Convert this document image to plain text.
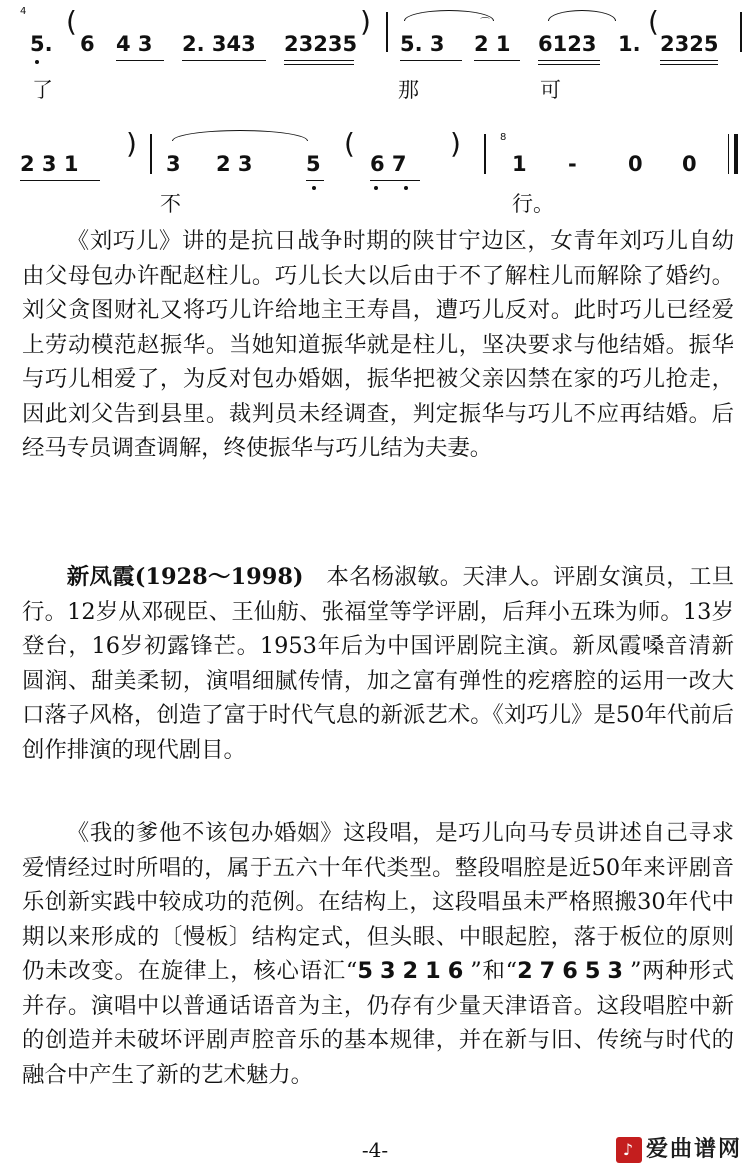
4
5.
(
6 4 3 2. 343 23235
)
5. 3
⌒
2 1 6123 1.
(
2325
了	那	可
2 3 1
)
3 2 3	5
(
6 7
)	8
1 - 0 0
不	行。

《刘巧儿》讲的是抗日战争时期的陕甘宁边区，女青年刘巧儿自幼由父母包办许配赵柱儿。巧儿长大以后由于不了解柱儿而解除了婚约。刘父贪图财礼又将巧儿许给地主王寿昌，遭巧儿反对。此时巧儿已经爱上劳动模范赵振华。当她知道振华就是柱儿，坚决要求与他结婚。振华与巧儿相爱了，为反对包办婚姻，振华把被父亲囚禁在家的巧儿抢走，因此刘父告到县里。裁判员未经调查，判定振华与巧儿不应再结婚。后经马专员调查调解，终使振华与巧儿结为夫妻。

新凤霞(1928～1998)　本名杨淑敏。天津人。评剧女演员，工旦行。12岁从邓砚臣、王仙舫、张福堂等学评剧，后拜小五珠为师。13岁登台，16岁初露锋芒。1953年后为中国评剧院主演。新凤霞嗓音清新圆润、甜美柔韧，演唱细腻传情，加之富有弹性的疙瘩腔的运用一改大口落子风格，创造了富于时代气息的新派艺术。《刘巧儿》是50年代前后创作排演的现代剧目。

《我的爹他不该包办婚姻》这段唱，是巧儿向马专员讲述自己寻求爱情经过时所唱的，属于五六十年代类型。整段唱腔是近50年来评剧音乐创新实践中较成功的范例。在结构上，这段唱虽未严格照搬30年代中期以来形成的〔慢板〕结构定式，但头眼、中眼起腔，落于板位的原则仍未改变。在旋律上，核心语汇“53216”和“27653”两种形式并存。演唱中以普通话语音为主，仍存有少量天津语音。这段唱腔中新的创造并未破坏评剧声腔音乐的基本规律，并在新与旧、传统与时代的融合中产生了新的艺术魅力。

-4-	♪ 爱曲谱网
